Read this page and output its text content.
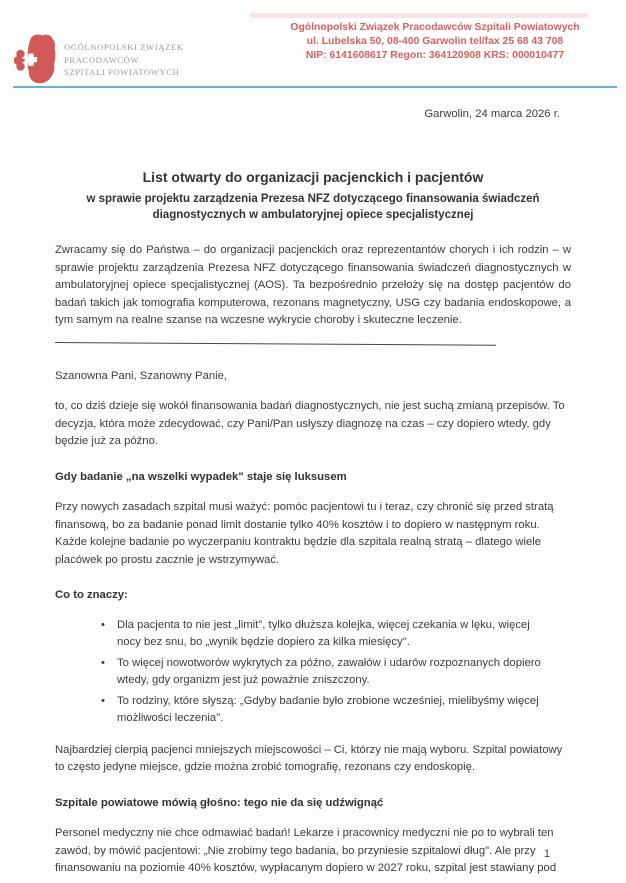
OGÓLNOPOLSKI ZWIĄZEK
PRACODAWCÓW
SZPITALI POWIATOWYCH
Ogólnopolski Związek Pracodawców Szpitali Powiatowych
ul. Lubelska 50, 08-400 Garwolin tel/fax 25 68 43 708
NIP: 6141608617 Regon: 364120908 KRS: 000010477
Garwolin, 24 marca 2026 r.
List otwarty do organizacji pacjenckich i pacjentów
w sprawie projektu zarządzenia Prezesa NFZ dotyczącego finansowania świadczeń diagnostycznych w ambulatoryjnej opiece specjalistycznej

Zwracamy się do Państwa – do organizacji pacjenckich oraz reprezentantów chorych i ich rodzin – w sprawie projektu zarządzenia Prezesa NFZ dotyczącego finansowania świadczeń diagnostycznych w ambulatoryjnej opiece specjalistycznej (AOS). Ta bezpośrednio przełoży się na dostęp pacjentów do badań takich jak tomografia komputerowa, rezonans magnetyczny, USG czy badania endoskopowe, a tym samym na realne szanse na wczesne wykrycie choroby i skuteczne leczenie.

Szanowna Pani, Szanowny Panie,

to, co dziś dzieje się wokół finansowania badań diagnostycznych, nie jest suchą zmianą przepisów. To decyzja, która może zdecydować, czy Pani/Pan usłyszy diagnozę na czas – czy dopiero wtedy, gdy będzie już za późno.

Gdy badanie „na wszelki wypadek" staje się luksusem

Przy nowych zasadach szpital musi ważyć: pomóc pacjentowi tu i teraz, czy chronić się przed stratą finansową, bo za badanie ponad limit dostanie tylko 40% kosztów i to dopiero w następnym roku. Każde kolejne badanie po wyczerpaniu kontraktu będzie dla szpitala realną stratą – dlatego wiele placówek po prostu zacznie je wstrzymywać.

Co to znaczy:
• Dla pacjenta to nie jest „limit", tylko dłuższa kolejka, więcej czekania w lęku, więcej nocy bez snu, bo „wynik będzie dopiero za kilka miesięcy".
• To więcej nowotworów wykrytych za późno, zawałów i udarów rozpoznanych dopiero wtedy, gdy organizm jest już poważnie zniszczony.
• To rodziny, które słyszą: „Gdyby badanie było zrobione wcześniej, mielibyśmy więcej możliwości leczenia".

Najbardziej cierpią pacjenci mniejszych miejscowości – Ci, którzy nie mają wyboru. Szpital powiatowy to często jedyne miejsce, gdzie można zrobić tomografię, rezonans czy endoskopię.

Szpitale powiatowe mówią głośno: tego nie da się udźwignąć

Personel medyczny nie chce odmawiać badań! Lekarze i pracownicy medyczni nie po to wybrali ten zawód, by mówić pacjentowi: „Nie zrobimy tego badania, bo przyniesie szpitalowi dług". Ale przy finansowaniu na poziomie 40% kosztów, wypłacanym dopiero w 2027 roku, szpital jest stawiany pod

1
